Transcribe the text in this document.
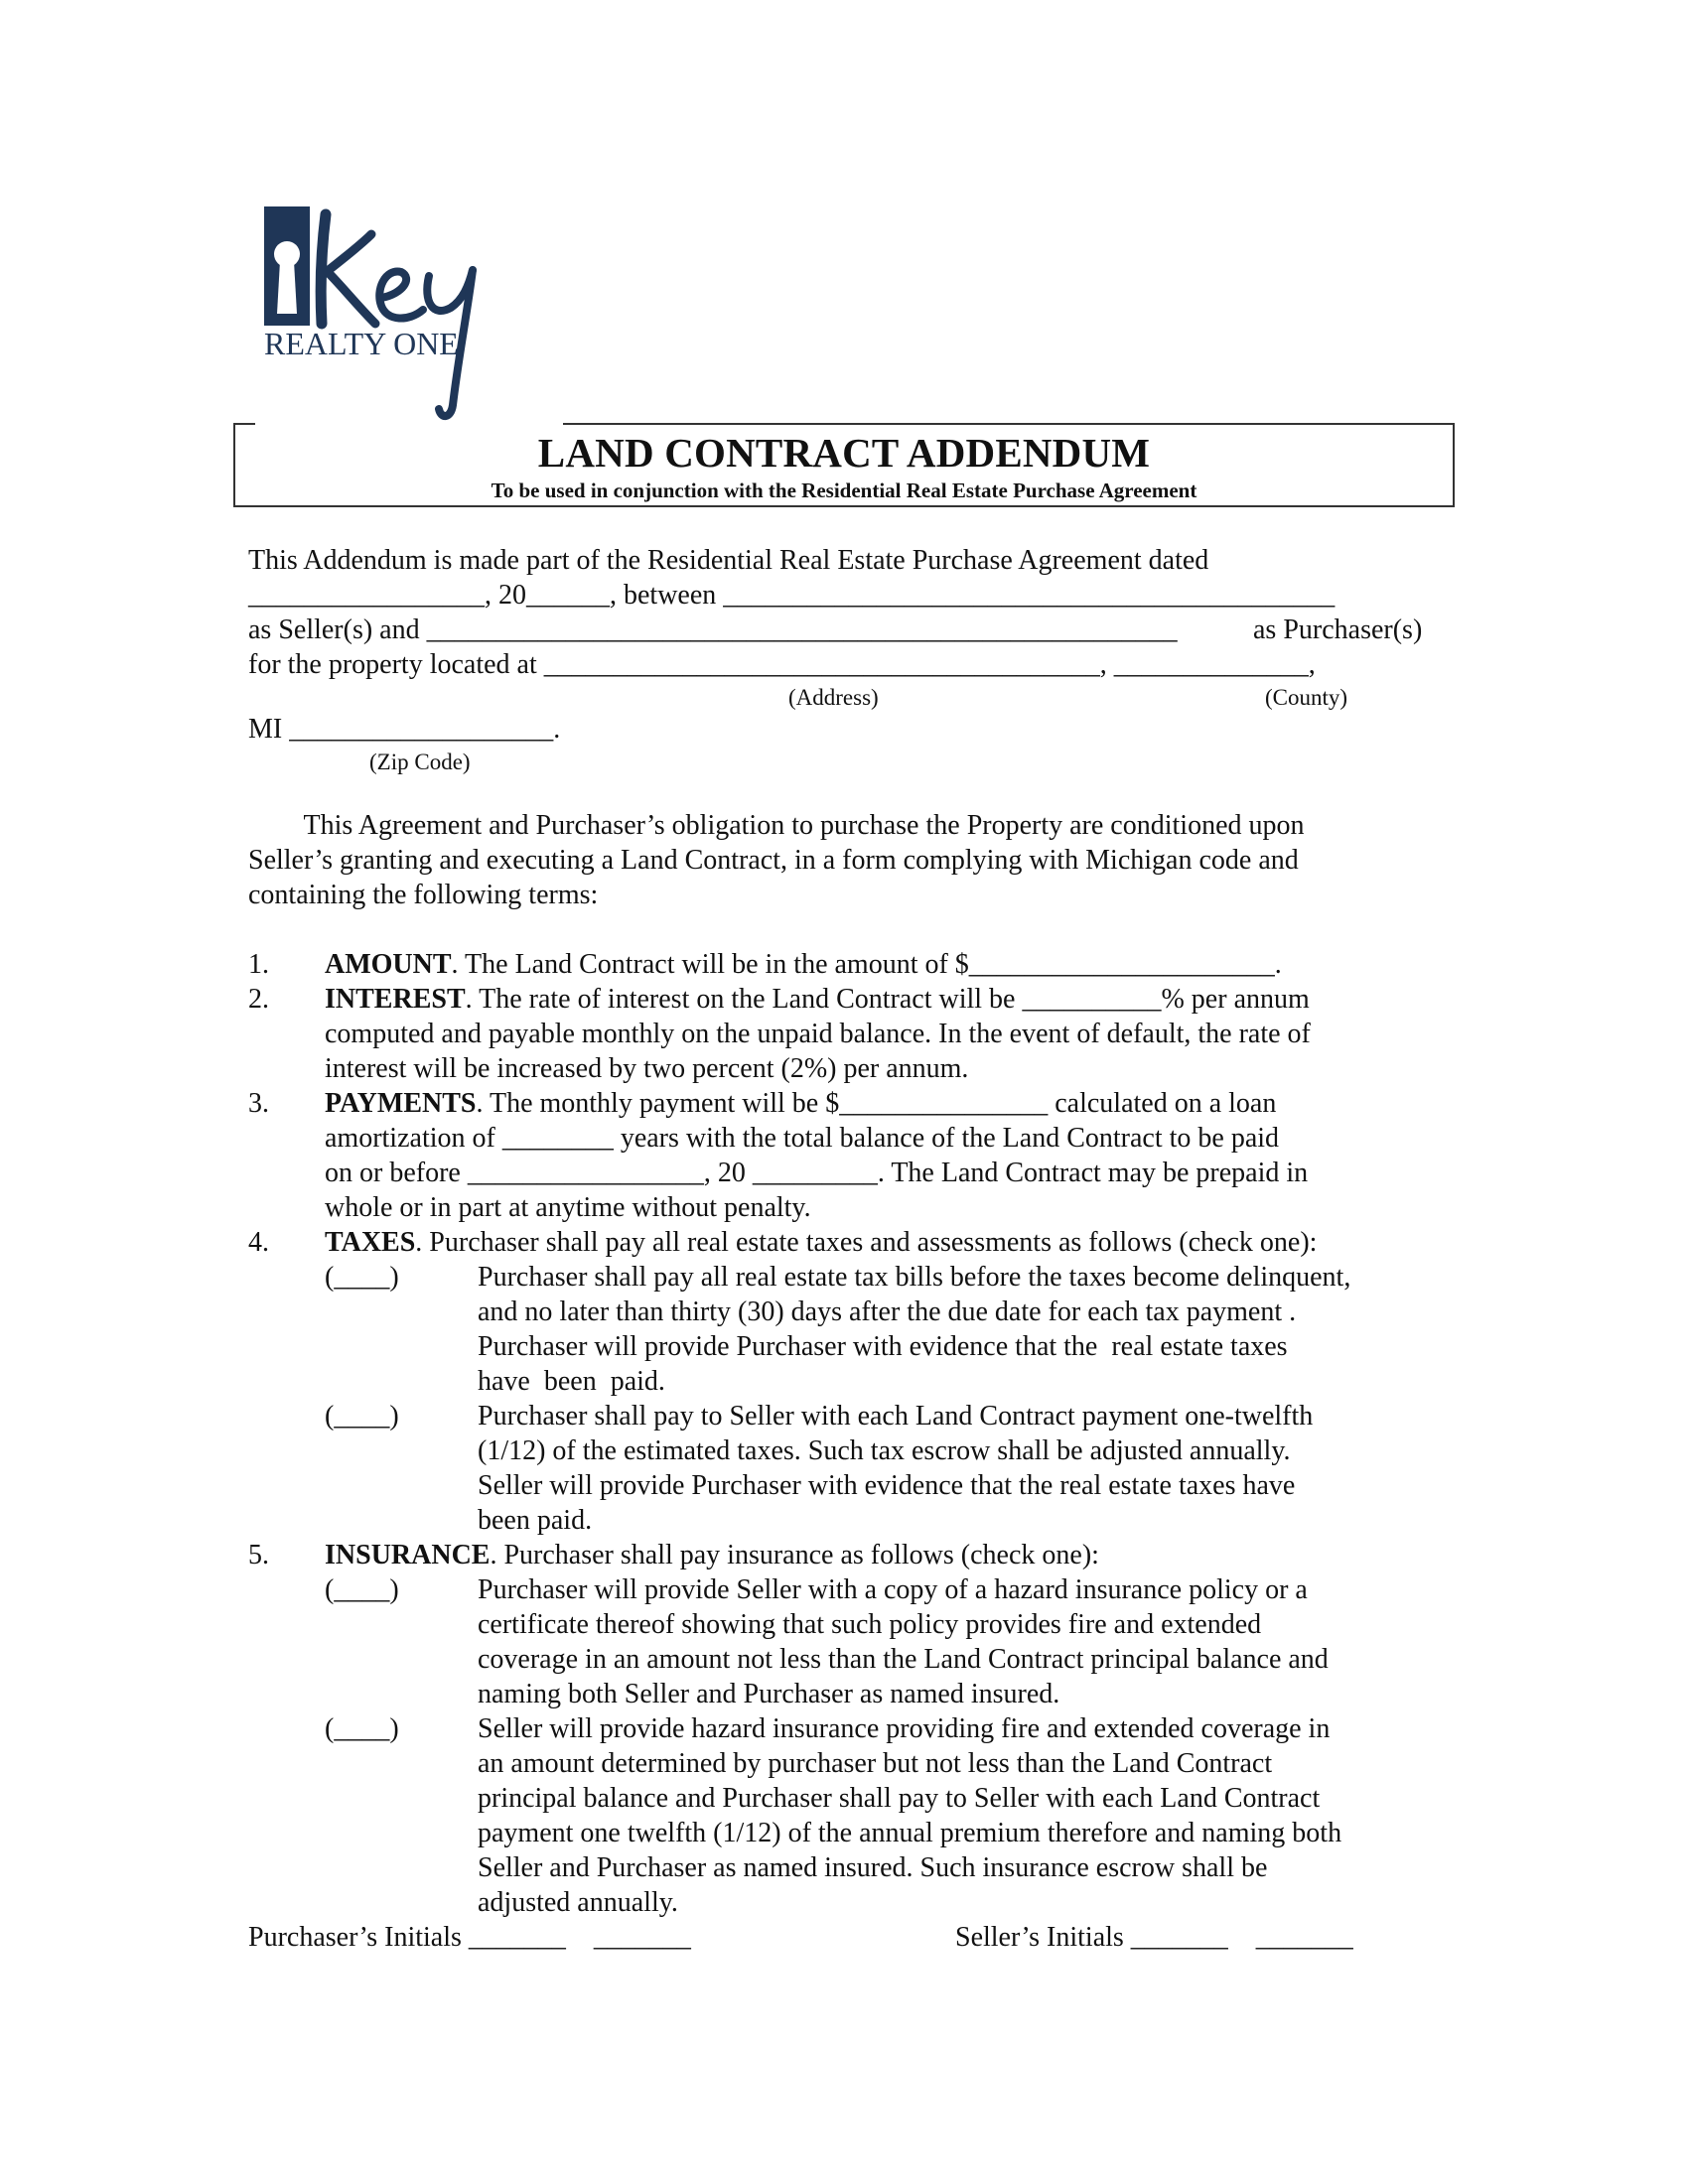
REALTY ONE
LAND CONTRACT ADDENDUM
To be used in conjunction with the Residential Real Estate Purchase Agreement
This Addendum is made part of the Residential Real Estate Purchase Agreement dated
_________________, 20______, between ____________________________________________
as Seller(s) and ______________________________________________________	as Purchaser(s)
for the property located at ________________________________________, ______________,
(Address)	(County)
MI ___________________.
(Zip Code)
This Agreement and Purchaser’s obligation to purchase the Property are conditioned upon
Seller’s granting and executing a Land Contract, in a form complying with Michigan code and
containing the following terms:
1. AMOUNT. The Land Contract will be in the amount of $______________________.
2. INTEREST. The rate of interest on the Land Contract will be __________% per annum
computed and payable monthly on the unpaid balance. In the event of default, the rate of
interest will be increased by two percent (2%) per annum.
3. PAYMENTS. The monthly payment will be $_______________ calculated on a loan
amortization of ________ years with the total balance of the Land Contract to be paid
on or before _________________, 20 _________. The Land Contract may be prepaid in
whole or in part at anytime without penalty.
4. TAXES. Purchaser shall pay all real estate taxes and assessments as follows (check one):
(____)	Purchaser shall pay all real estate tax bills before the taxes become delinquent,
and no later than thirty (30) days after the due date for each tax payment .
Purchaser will provide Purchaser with evidence that the  real estate taxes
have  been  paid.
(____)	Purchaser shall pay to Seller with each Land Contract payment one-twelfth
(1/12) of the estimated taxes. Such tax escrow shall be adjusted annually.
Seller will provide Purchaser with evidence that the real estate taxes have
been paid.
5. INSURANCE. Purchaser shall pay insurance as follows (check one):
(____)	Purchaser will provide Seller with a copy of a hazard insurance policy or a
certificate thereof showing that such policy provides fire and extended
coverage in an amount not less than the Land Contract principal balance and
naming both Seller and Purchaser as named insured.
(____)	Seller will provide hazard insurance providing fire and extended coverage in
an amount determined by purchaser but not less than the Land Contract
principal balance and Purchaser shall pay to Seller with each Land Contract
payment one twelfth (1/12) of the annual premium therefore and naming both
Seller and Purchaser as named insured. Such insurance escrow shall be
adjusted annually.
Purchaser’s Initials _______    _______	Seller’s Initials _______    _______
